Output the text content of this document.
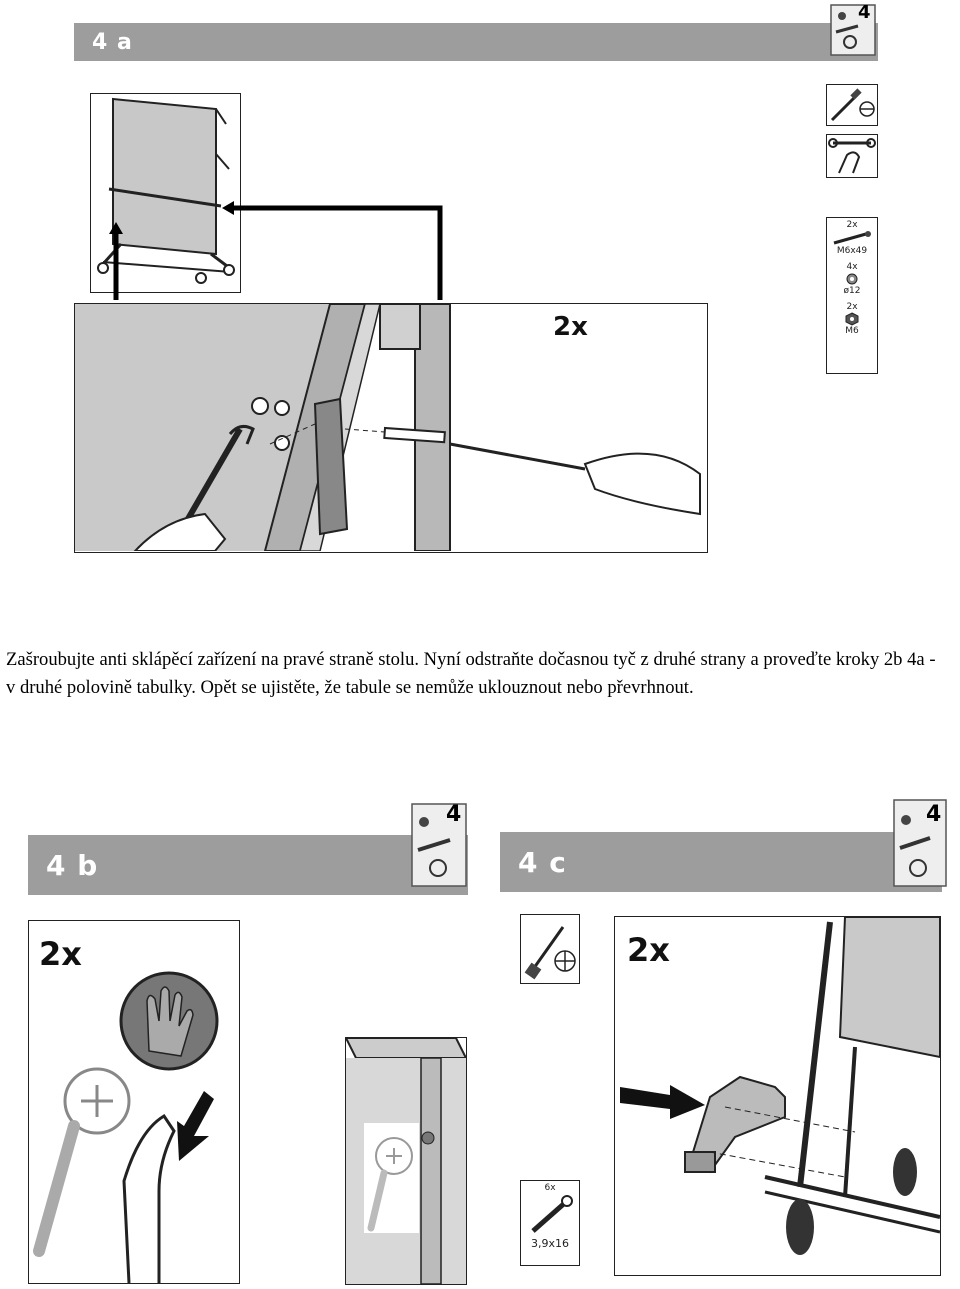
4 a
4
2x
2x
M6x49
4x
ø12
2x
M6
Zašroubujte anti sklápěcí zařízení na pravé straně stolu. Nyní odstraňte dočasnou tyč z druhé strany a proveďte kroky 2b 4a - v druhé polovině tabulky. Opět se ujistěte, že tabule se nemůže uklouznout nebo převrhnout.
4 b
4
2x
4 c
4
6x
3,9x16
2x
